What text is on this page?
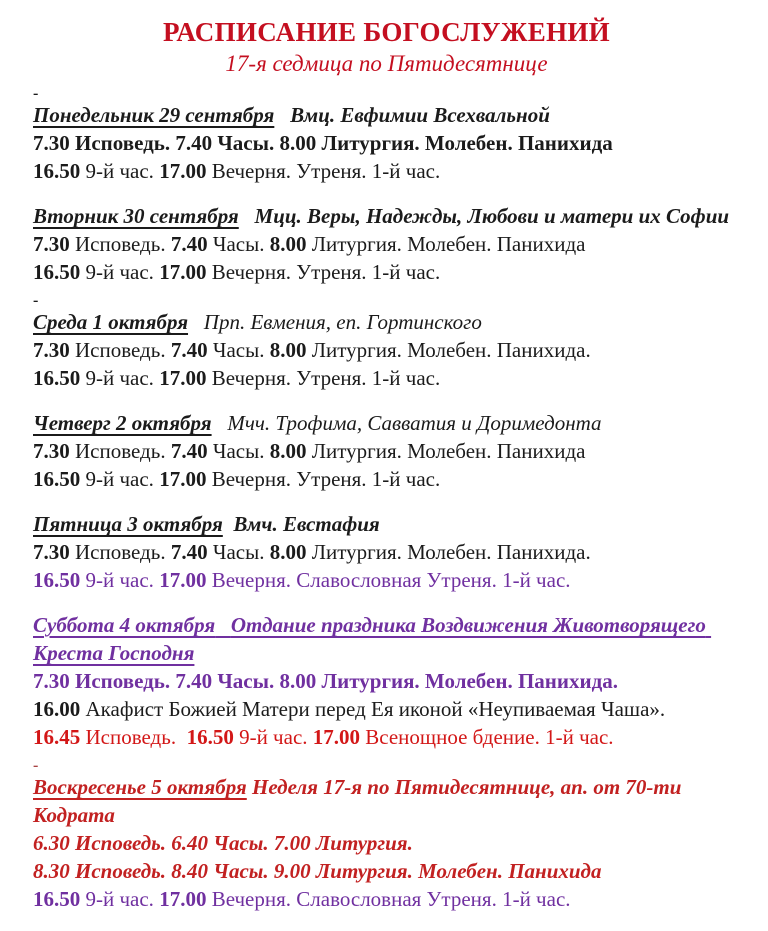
РАСПИСАНИЕ БОГОСЛУЖЕНИЙ
17-я седмица по Пятидесятнице
-

Понедельник 29 сентября Вмц. Евфимии Всехвальной

7.30 Исповедь. 7.40 Часы. 8.00 Литургия. Молебен. Панихида

16.50 9-й час. 17.00 Вечерня. Утреня. 1-й час.

Вторник 30 сентября Мцц. Веры, Надежды, Любови и матери их Софии

7.30 Исповедь. 7.40 Часы. 8.00 Литургия. Молебен. Панихида

16.50 9-й час. 17.00 Вечерня. Утреня. 1-й час.

-

Среда 1 октября Прп. Евмения, еп. Гортинского

7.30 Исповедь. 7.40 Часы. 8.00 Литургия. Молебен. Панихида.

16.50 9-й час. 17.00 Вечерня. Утреня. 1-й час.

Четверг 2 октября Мчч. Трофима, Савватия и Доримедонта

7.30 Исповедь. 7.40 Часы. 8.00 Литургия. Молебен. Панихида

16.50 9-й час. 17.00 Вечерня. Утреня. 1-й час.

Пятница 3 октября Вмч. Евстафия

7.30 Исповедь. 7.40 Часы. 8.00 Литургия. Молебен. Панихида.

16.50 9-й час. 17.00 Вечерня. Славословная Утреня. 1-й час.

Суббота 4 октября Отдание праздника Воздвижения Животворящего Креста Господня

7.30 Исповедь. 7.40 Часы. 8.00 Литургия. Молебен. Панихида.

16.00 Акафист Божией Матери перед Ея иконой «Неупиваемая Чаша».

16.45 Исповедь.  16.50 9-й час. 17.00 Всенощное бдение. 1-й час.

-

Воскресенье 5 октября Неделя 17-я по Пятидесятнице, ап. от 70-ти Кодрата

6.30 Исповедь. 6.40 Часы. 7.00 Литургия.

8.30 Исповедь. 8.40 Часы. 9.00 Литургия. Молебен. Панихида

16.50 9-й час. 17.00 Вечерня. Славословная Утреня. 1-й час.
